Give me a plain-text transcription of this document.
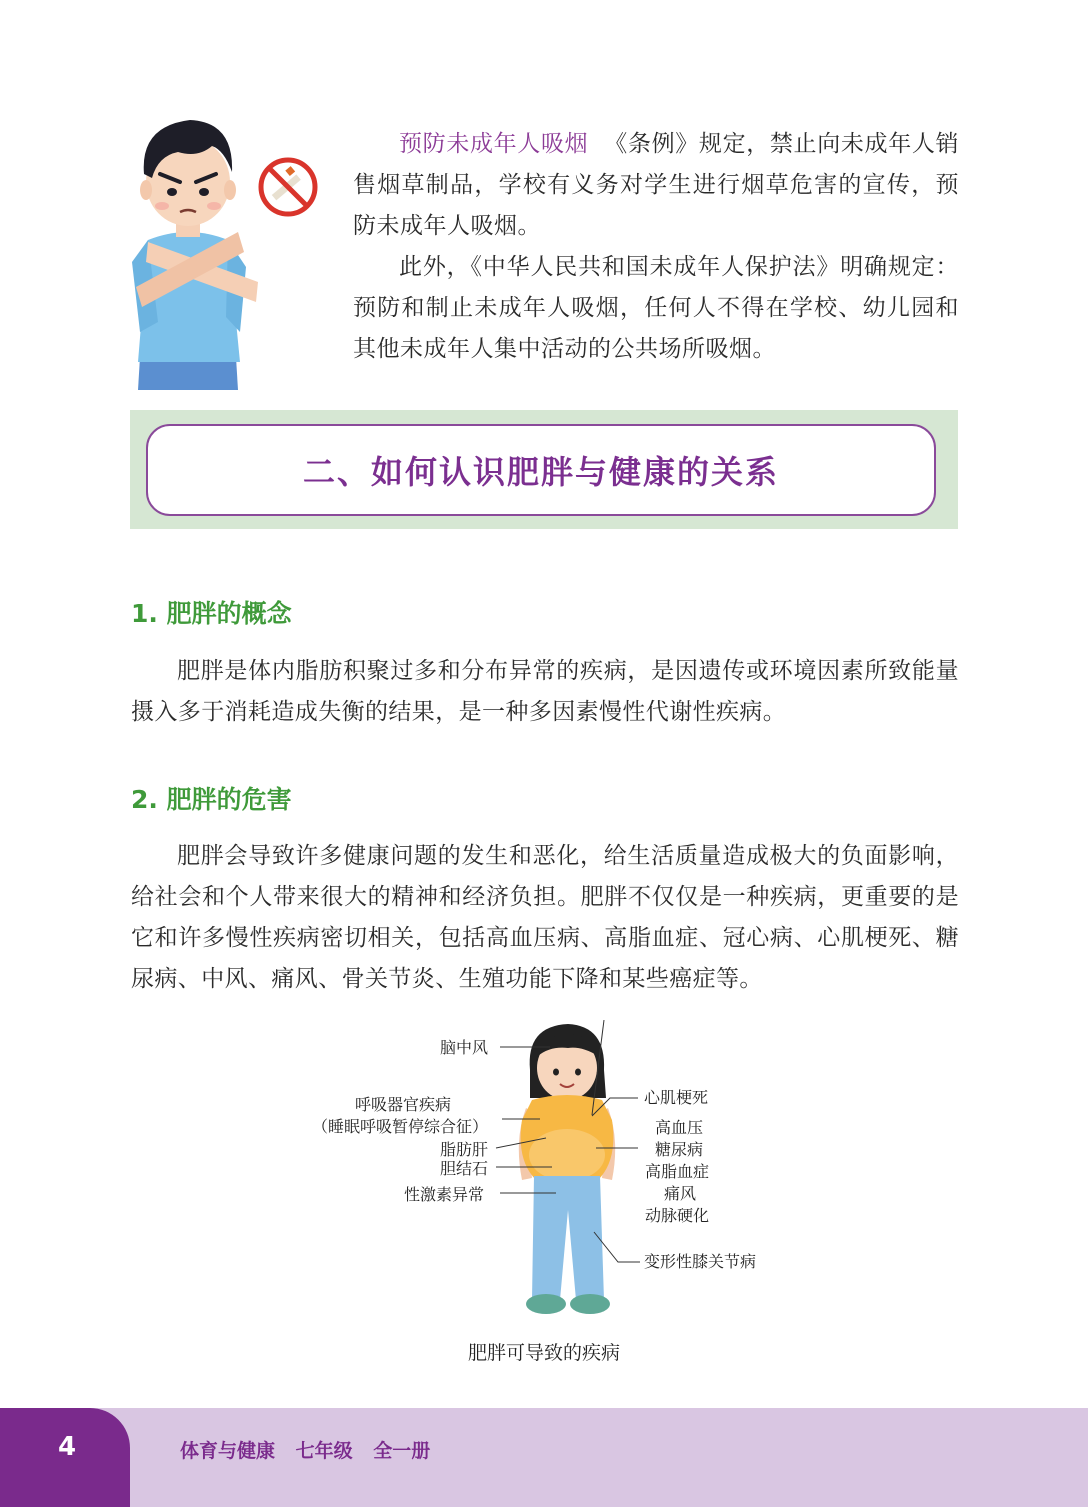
预防未成年人吸烟 《条例》规定，禁止向未成年人销售烟草制品，学校有义务对学生进行烟草危害的宣传，预防未成年人吸烟。

此外，《中华人民共和国未成年人保护法》明确规定：预防和制止未成年人吸烟，任何人不得在学校、幼儿园和其他未成年人集中活动的公共场所吸烟。

二、如何认识肥胖与健康的关系
1. 肥胖的概念

肥胖是体内脂肪积聚过多和分布异常的疾病，是因遗传或环境因素所致能量摄入多于消耗造成失衡的结果，是一种多因素慢性代谢性疾病。

2. 肥胖的危害

肥胖会导致许多健康问题的发生和恶化，给生活质量造成极大的负面影响，给社会和个人带来很大的精神和经济负担。肥胖不仅仅是一种疾病，更重要的是它和许多慢性疾病密切相关，包括高血压病、高脂血症、冠心病、心肌梗死、糖尿病、中风、痛风、骨关节炎、生殖功能下降和某些癌症等。

脑中风
呼吸器官疾病
（睡眠呼吸暂停综合征）
脂肪肝
胆结石
性激素异常
心肌梗死
高血压
糖尿病
高脂血症
痛风
动脉硬化
变形性膝关节病
肥胖可导致的疾病
4	体育与健康 七年级 全一册
